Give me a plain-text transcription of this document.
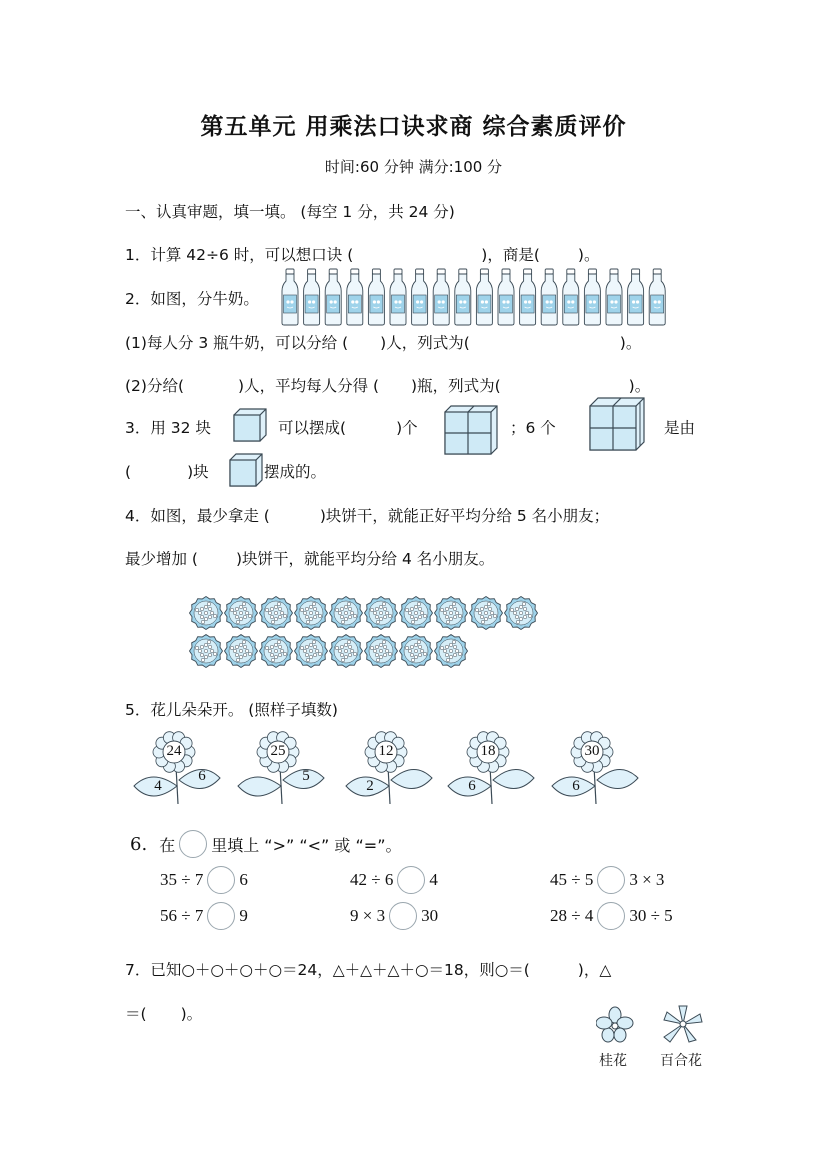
第五单元 用乘法口诀求商 综合素质评价
时间:60 分钟 满分:100 分
一、认真审题，填一填。 (每空 1 分，共 24 分)
1．计算 42÷6 时，可以想口诀 (	)，商是( )。
2．如图，分牛奶。
(1)每人分 3 瓶牛奶，可以分给 ( )人，列式为(	)。
(2)分给(	)人，平均每人分得 ( )瓶，列式为(	)。
3．用 32 块	可以摆成(	)个	；6 个	是由
(	)块	摆成的。
4．如图，最少拿走 (	)块饼干，就能正好平均分给 5 名小朋友；
最少增加 ( )块饼干，就能平均分给 4 名小朋友。
5．花儿朵朵开。 (照样子填数)
24
4
6
25
5
12
2
18
6
30
6
6. 在 里填上 “>” “<” 或 “=”。
35 ÷ 7 6	42 ÷ 6 4	45 ÷ 5 3 × 3
56 ÷ 7 9	9 × 3 30	28 ÷ 4 30 ÷ 5
7．已知○＋○＋○＋○＝24，△＋△＋△＋○＝18，则○＝(	)，△
＝( )。
桂花 百合花
